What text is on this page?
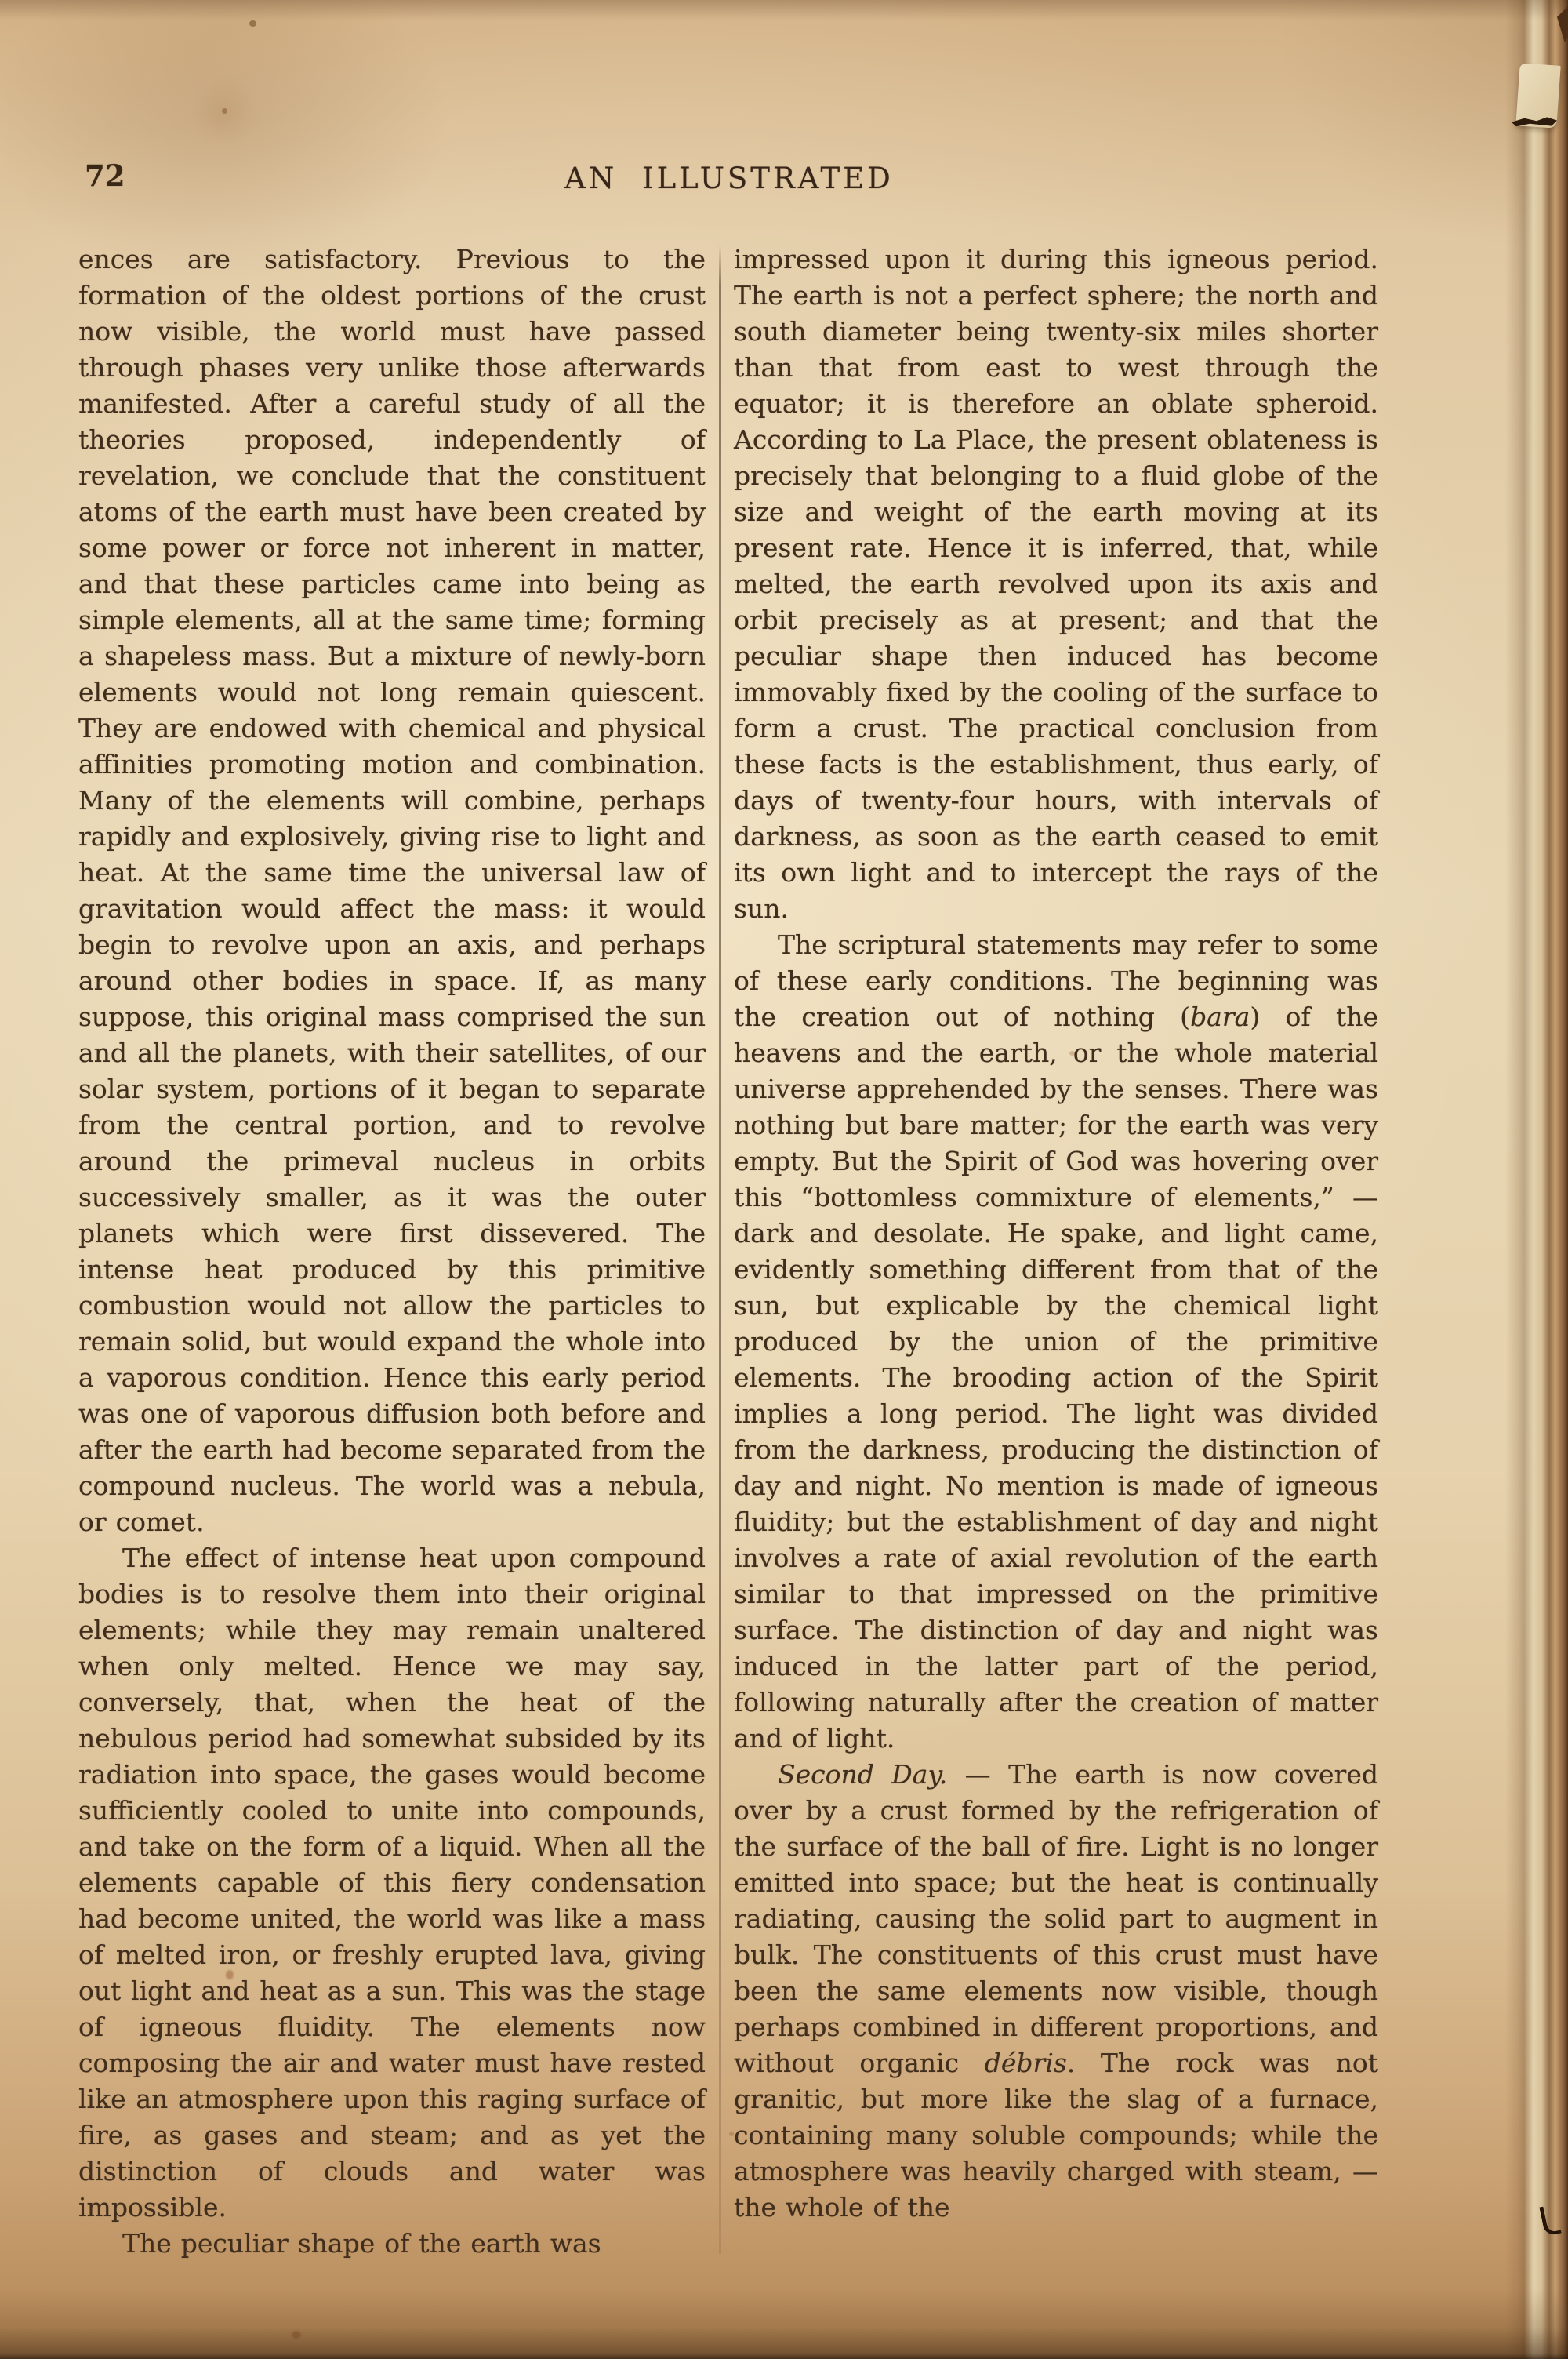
72	AN ILLUSTRATED

ences are satisfactory. Previous to the formation of the oldest portions of the crust now visible, the world must have passed through phases very unlike those afterwards manifested. After a careful study of all the theories proposed, independently of revelation, we conclude that the constituent atoms of the earth must have been created by some power or force not inherent in matter, and that these particles came into being as simple elements, all at the same time; forming a shapeless mass. But a mixture of newly-born elements would not long remain quiescent. They are endowed with chemical and physical affinities promoting motion and combination. Many of the elements will combine, perhaps rapidly and explosively, giving rise to light and heat. At the same time the universal law of gravitation would affect the mass: it would begin to revolve upon an axis, and perhaps around other bodies in space. If, as many suppose, this original mass comprised the sun and all the planets, with their satellites, of our solar system, portions of it began to separate from the central portion, and to revolve around the primeval nucleus in orbits successively smaller, as it was the outer planets which were first dissevered. The intense heat produced by this primitive combustion would not allow the particles to remain solid, but would expand the whole into a vaporous condition. Hence this early period was one of vaporous diffusion both before and after the earth had become separated from the compound nucleus. The world was a nebula, or comet.

The effect of intense heat upon compound bodies is to resolve them into their original elements; while they may remain unaltered when only melted. Hence we may say, conversely, that, when the heat of the nebulous period had somewhat subsided by its radiation into space, the gases would become sufficiently cooled to unite into compounds, and take on the form of a liquid. When all the elements capable of this fiery condensation had become united, the world was like a mass of melted iron, or freshly erupted lava, giving out light and heat as a sun. This was the stage of igneous fluidity. The elements now composing the air and water must have rested like an atmosphere upon this raging surface of fire, as gases and steam; and as yet the distinction of clouds and water was impossible.

The peculiar shape of the earth was

impressed upon it during this igneous period. The earth is not a perfect sphere; the north and south diameter being twenty-six miles shorter than that from east to west through the equator; it is therefore an oblate spheroid. According to La Place, the present oblateness is precisely that belonging to a fluid globe of the size and weight of the earth moving at its present rate. Hence it is inferred, that, while melted, the earth revolved upon its axis and orbit precisely as at present; and that the peculiar shape then induced has become immovably fixed by the cooling of the surface to form a crust. The practical conclusion from these facts is the establishment, thus early, of days of twenty-four hours, with intervals of darkness, as soon as the earth ceased to emit its own light and to intercept the rays of the sun.

The scriptural statements may refer to some of these early conditions. The beginning was the creation out of nothing (bara) of the heavens and the earth, or the whole material universe apprehended by the senses. There was nothing but bare matter; for the earth was very empty. But the Spirit of God was hovering over this “bottomless commixture of elements,” — dark and desolate. He spake, and light came, evidently something different from that of the sun, but explicable by the chemical light produced by the union of the primitive elements. The brooding action of the Spirit implies a long period. The light was divided from the darkness, producing the distinction of day and night. No mention is made of igneous fluidity; but the establishment of day and night involves a rate of axial revolution of the earth similar to that impressed on the primitive surface. The distinction of day and night was induced in the latter part of the period, following naturally after the creation of matter and of light.

Second Day. — The earth is now covered over by a crust formed by the refrigeration of the surface of the ball of fire. Light is no longer emitted into space; but the heat is continually radiating, causing the solid part to augment in bulk. The constituents of this crust must have been the same elements now visible, though perhaps combined in different proportions, and without organic débris. The rock was not granitic, but more like the slag of a furnace, containing many soluble compounds; while the atmosphere was heavily charged with steam, — the whole of the
